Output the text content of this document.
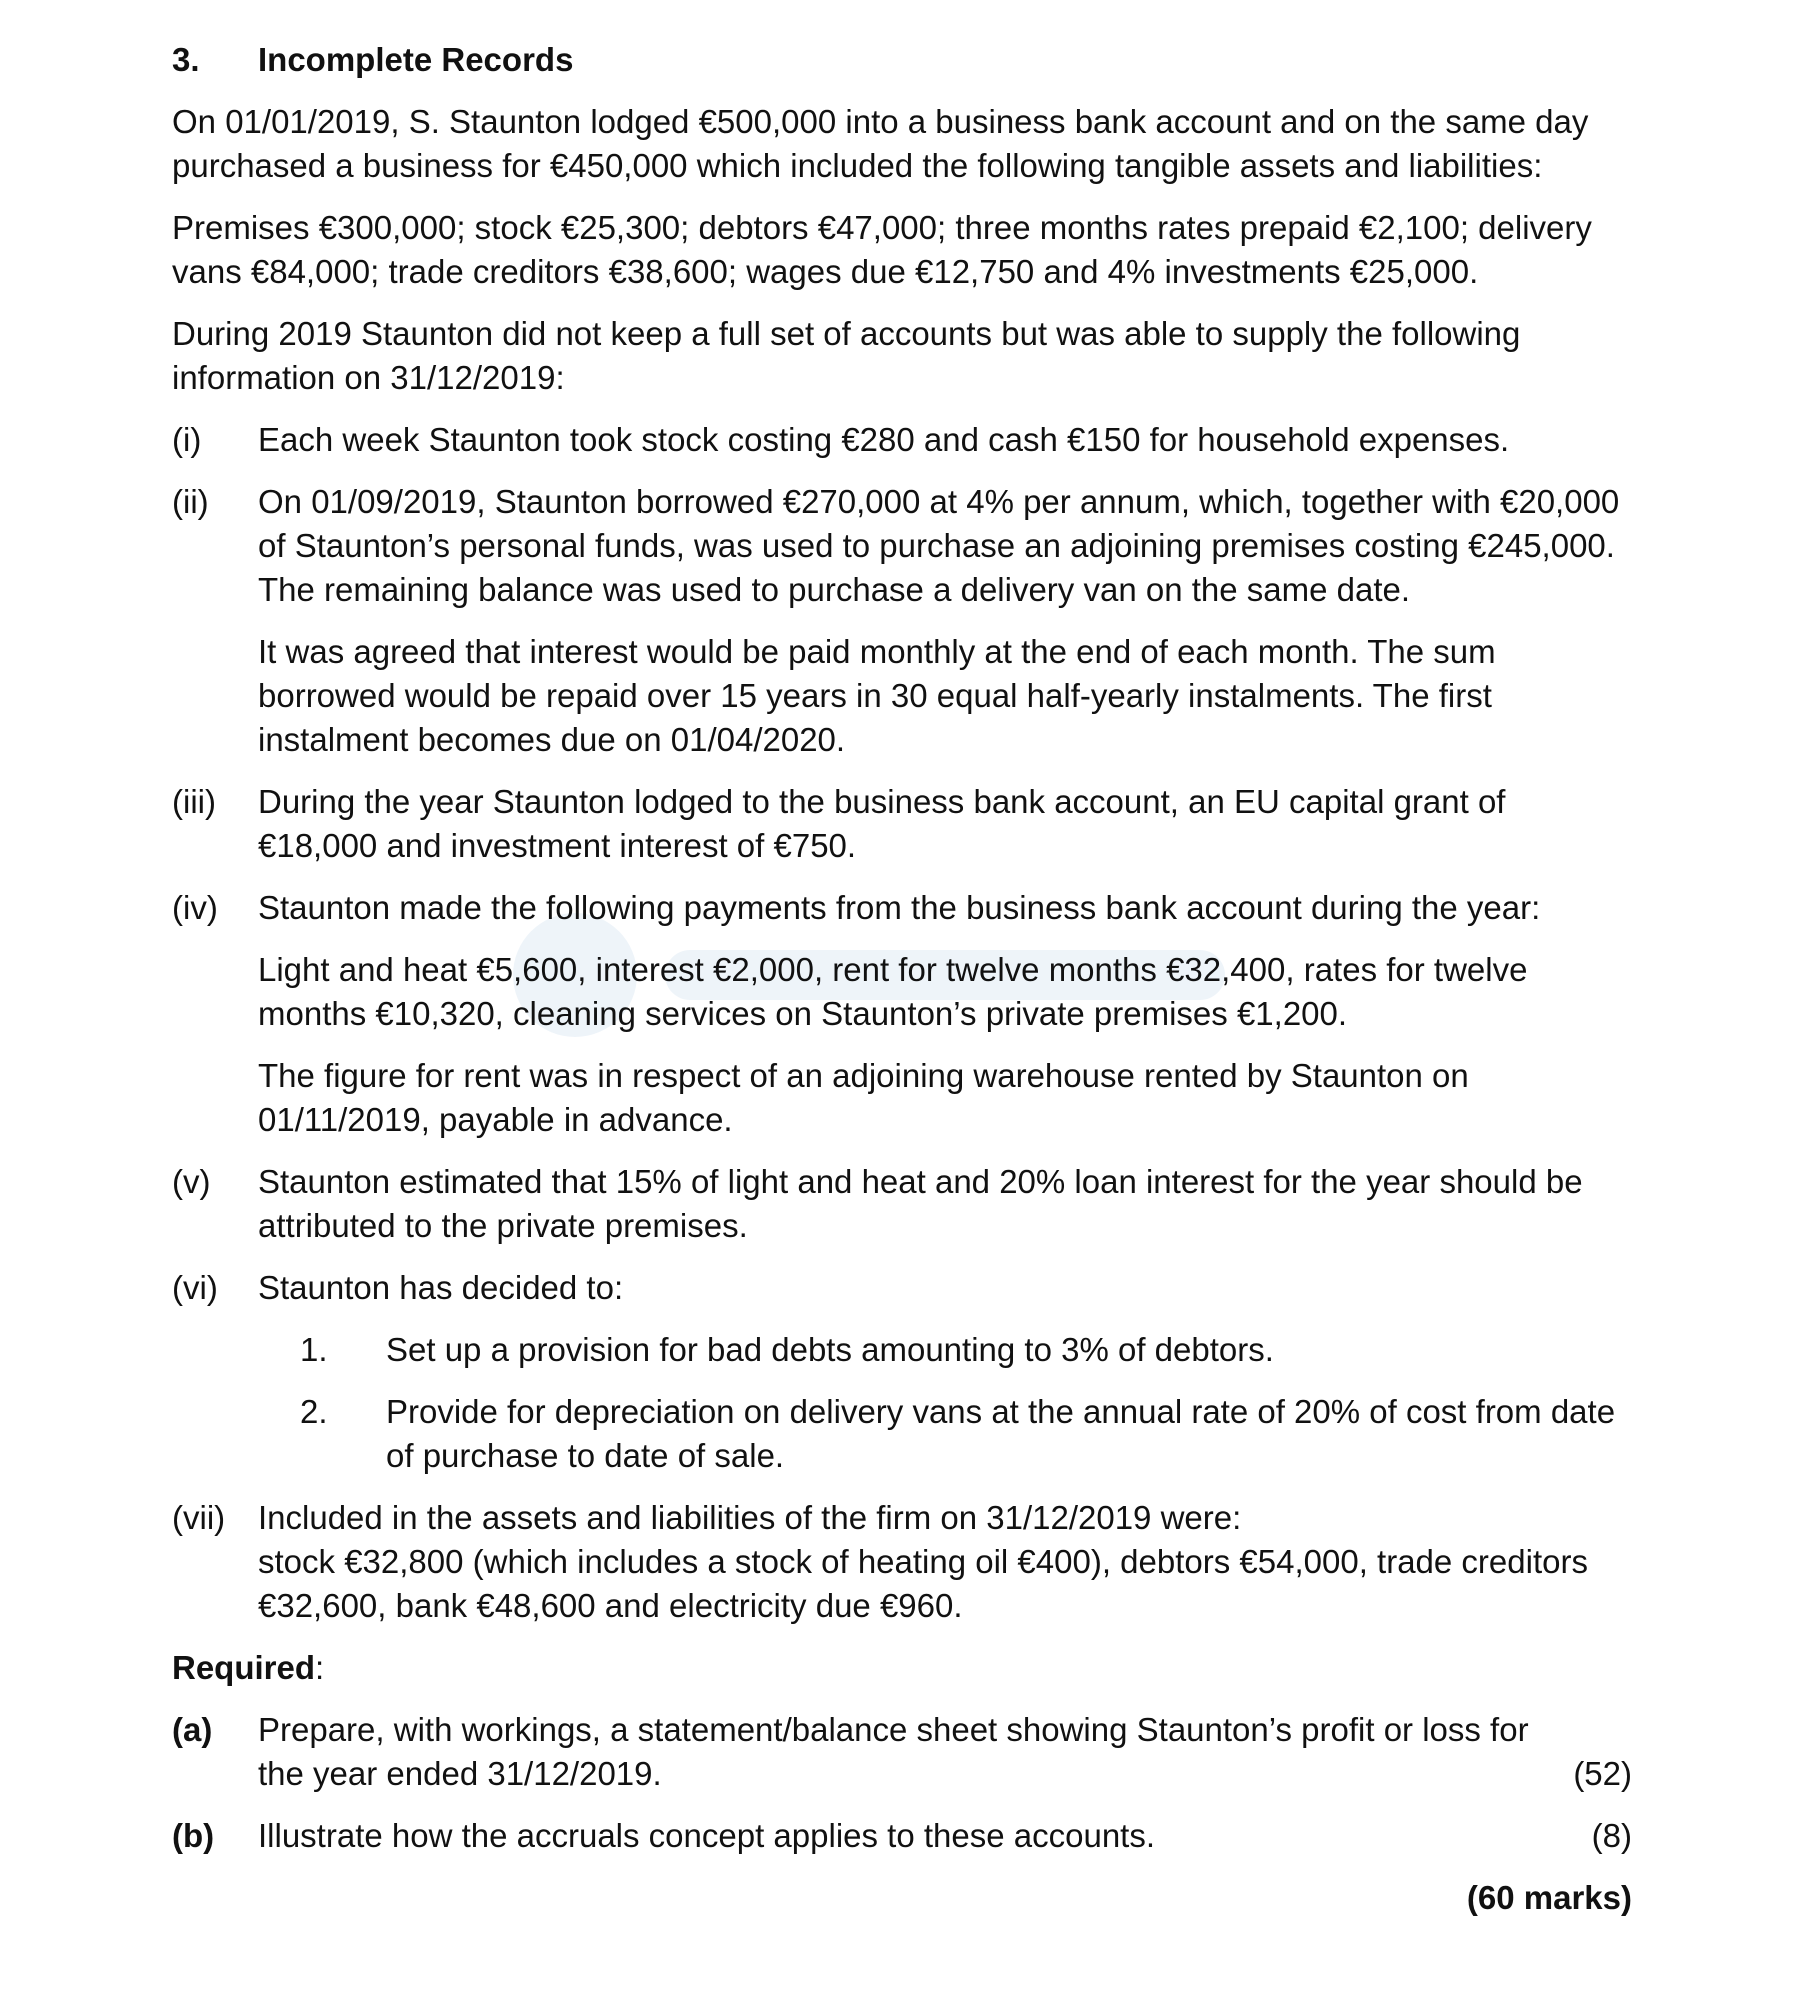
3.	Incomplete Records

On 01/01/2019, S. Staunton lodged €500,000 into a business bank account and on the same day purchased a business for €450,000 which included the following tangible assets and liabilities:

Premises €300,000; stock €25,300; debtors €47,000; three months rates prepaid €2,100; delivery vans €84,000; trade creditors €38,600; wages due €12,750 and 4% investments €25,000.

During 2019 Staunton did not keep a full set of accounts but was able to supply the following information on 31/12/2019:

(i)	Each week Staunton took stock costing €280 and cash €150 for household expenses.

(ii)	On 01/09/2019, Staunton borrowed €270,000 at 4% per annum, which, together with €20,000 of Staunton’s personal funds, was used to purchase an adjoining premises costing €245,000. The remaining balance was used to purchase a delivery van on the same date.

It was agreed that interest would be paid monthly at the end of each month. The sum borrowed would be repaid over 15 years in 30 equal half-yearly instalments. The first instalment becomes due on 01/04/2020.

(iii)	During the year Staunton lodged to the business bank account, an EU capital grant of €18,000 and investment interest of €750.

(iv)	Staunton made the following payments from the business bank account during the year:

Light and heat €5,600, interest €2,000, rent for twelve months €32,400, rates for twelve months €10,320, cleaning services on Staunton’s private premises €1,200.

The figure for rent was in respect of an adjoining warehouse rented by Staunton on 01/11/2019, payable in advance.

(v)	Staunton estimated that 15% of light and heat and 20% loan interest for the year should be attributed to the private premises.

(vi)	Staunton has decided to:

1.	Set up a provision for bad debts amounting to 3% of debtors.
2.	Provide for depreciation on delivery vans at the annual rate of 20% of cost from date of purchase to date of sale.
(vii) Included in the assets and liabilities of the firm on 31/12/2019 were:
stock €32,800 (which includes a stock of heating oil €400), debtors €54,000, trade creditors €32,600, bank €48,600 and electricity due €960.
Required:
(a)	Prepare, with workings, a statement/balance sheet showing Staunton’s profit or loss for the year ended 31/12/2019.	(52)
(b)	Illustrate how the accruals concept applies to these accounts.	(8)
(60 marks)
